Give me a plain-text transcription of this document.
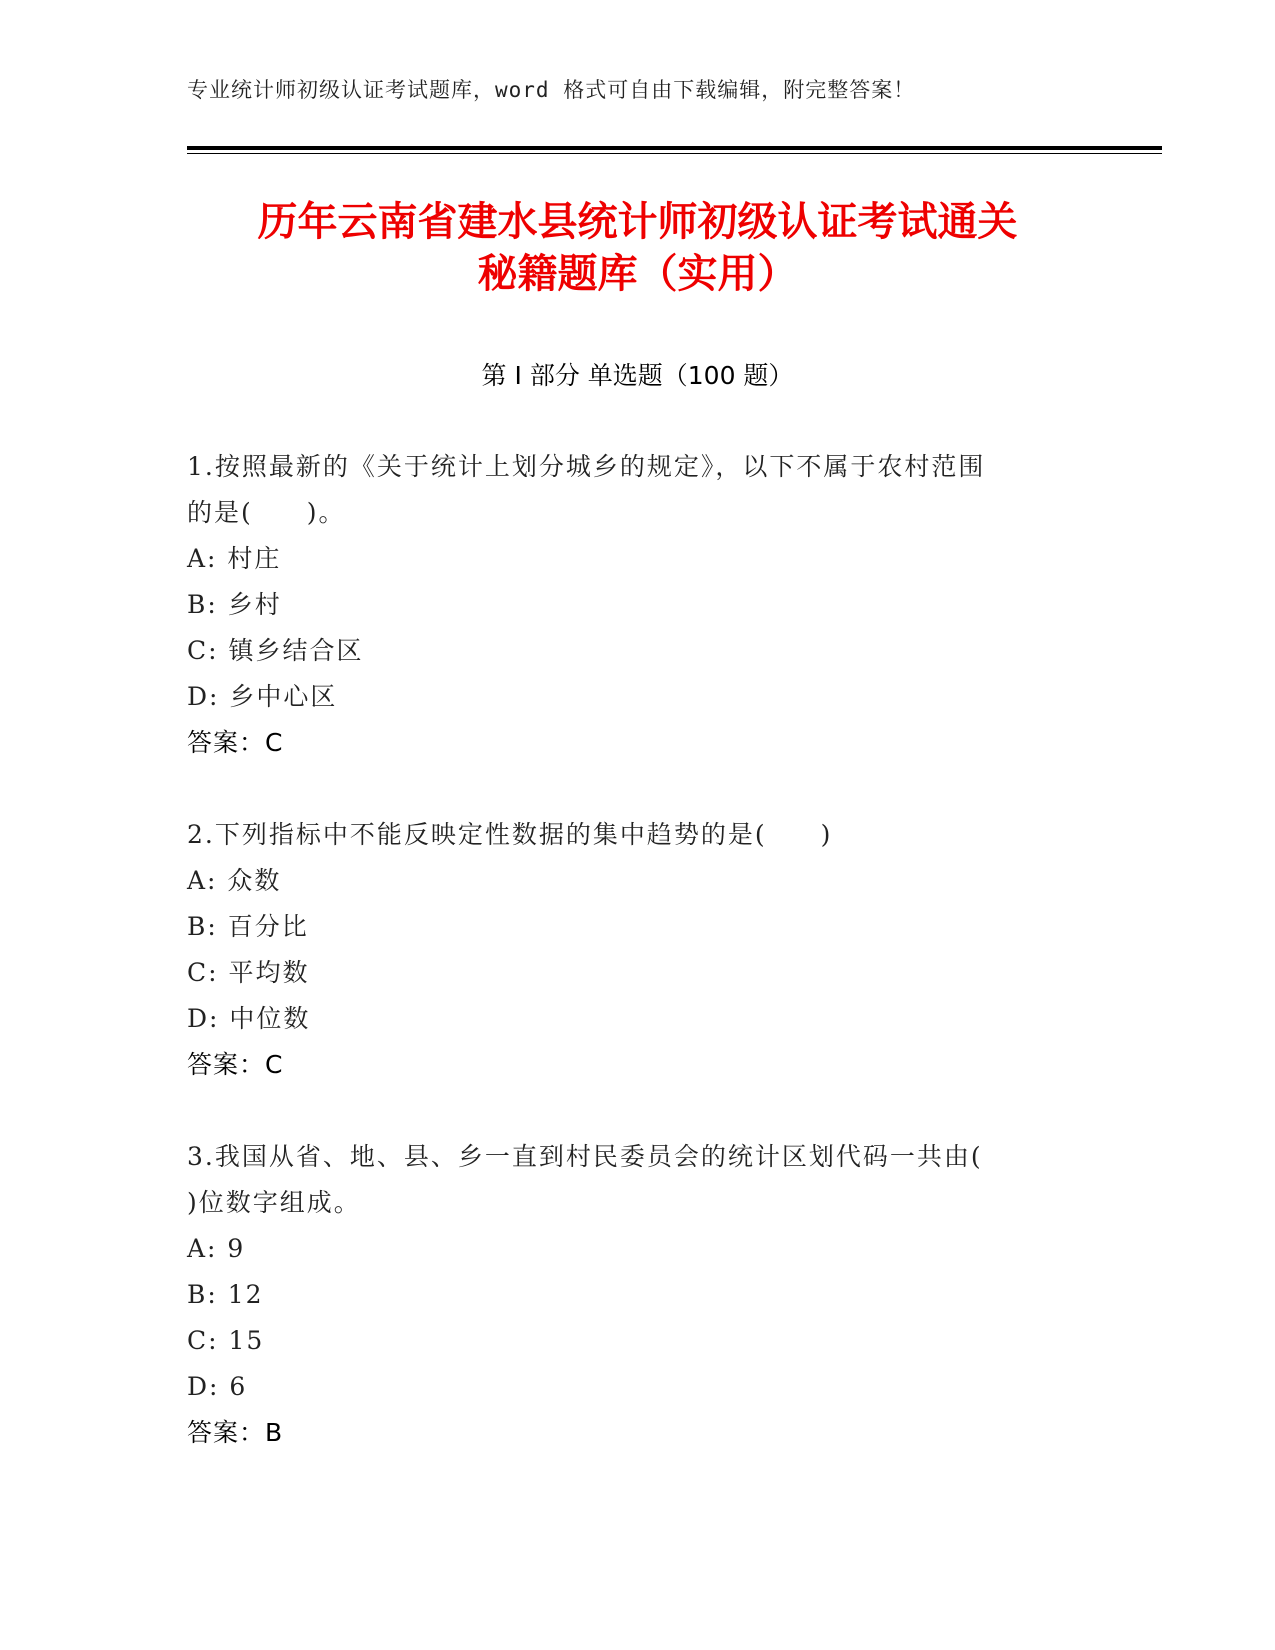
专业统计师初级认证考试题库，word 格式可自由下载编辑，附完整答案！
历年云南省建水县统计师初级认证考试通关
秘籍题库（实用）
第 I 部分 单选题（100 题）
1.按照最新的《关于统计上划分城乡的规定》，以下不属于农村范围
的是(　　)。
A: 村庄
B: 乡村
C: 镇乡结合区
D: 乡中心区
答案：C
2.下列指标中不能反映定性数据的集中趋势的是(　　)
A: 众数
B: 百分比
C: 平均数
D: 中位数
答案：C
3.我国从省、地、县、乡一直到村民委员会的统计区划代码一共由(
)位数字组成。
A: 9
B: 12
C: 15
D: 6
答案：B
